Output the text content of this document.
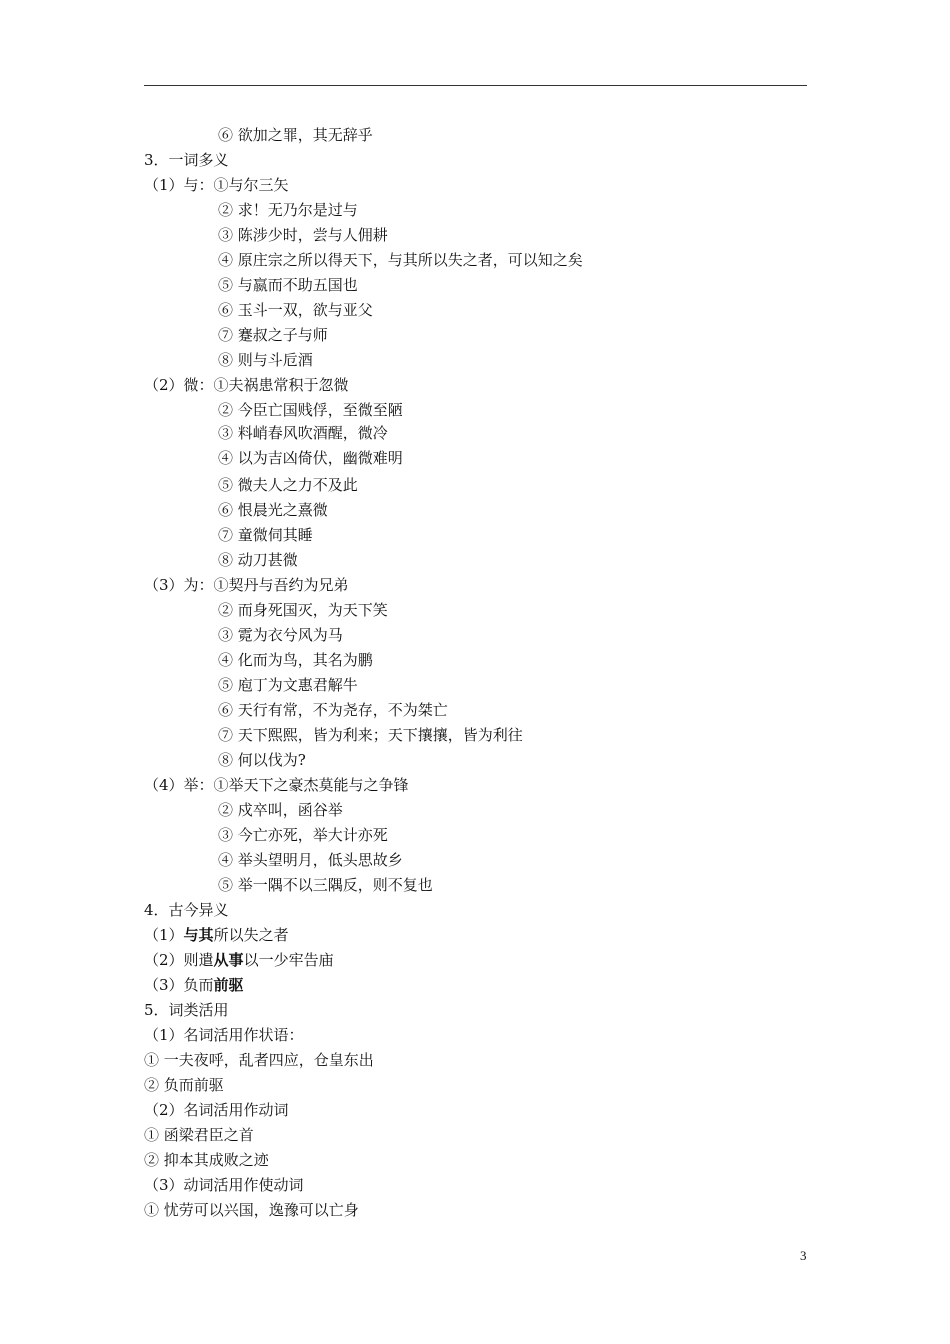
⑥ 欲加之罪，其无辞乎
3．一词多义
（1）与：①与尔三矢
② 求！无乃尔是过与
③ 陈涉少时，尝与人佣耕
④ 原庄宗之所以得天下，与其所以失之者，可以知之矣
⑤ 与嬴而不助五国也
⑥ 玉斗一双，欲与亚父
⑦ 蹇叔之子与师
⑧ 则与斗卮酒
（2）微：①夫祸患常积于忽微
② 今臣亡国贱俘，至微至陋
③ 料峭春风吹酒醒，微冷
④ 以为吉凶倚伏，幽微难明
⑤ 微夫人之力不及此
⑥ 恨晨光之熹微
⑦ 童微伺其睡
⑧ 动刀甚微
（3）为：①契丹与吾约为兄弟
② 而身死国灭，为天下笑
③ 霓为衣兮风为马
④ 化而为鸟，其名为鹏
⑤ 庖丁为文惠君解牛
⑥ 天行有常，不为尧存，不为桀亡
⑦ 天下熙熙，皆为利来；天下攘攘，皆为利往
⑧ 何以伐为?
（4）举：①举天下之豪杰莫能与之争锋
② 戍卒叫，函谷举
③ 今亡亦死，举大计亦死
④ 举头望明月，低头思故乡
⑤ 举一隅不以三隅反，则不复也
4．古今异义
（1）与其所以失之者
（2）则遣从事以一少牢告庙
（3）负而前驱
5．词类活用
（1）名词活用作状语：
① 一夫夜呼，乱者四应，仓皇东出
② 负而前驱
（2）名词活用作动词
① 函梁君臣之首
② 抑本其成败之迹
（3）动词活用作使动词
① 忧劳可以兴国，逸豫可以亡身
3
